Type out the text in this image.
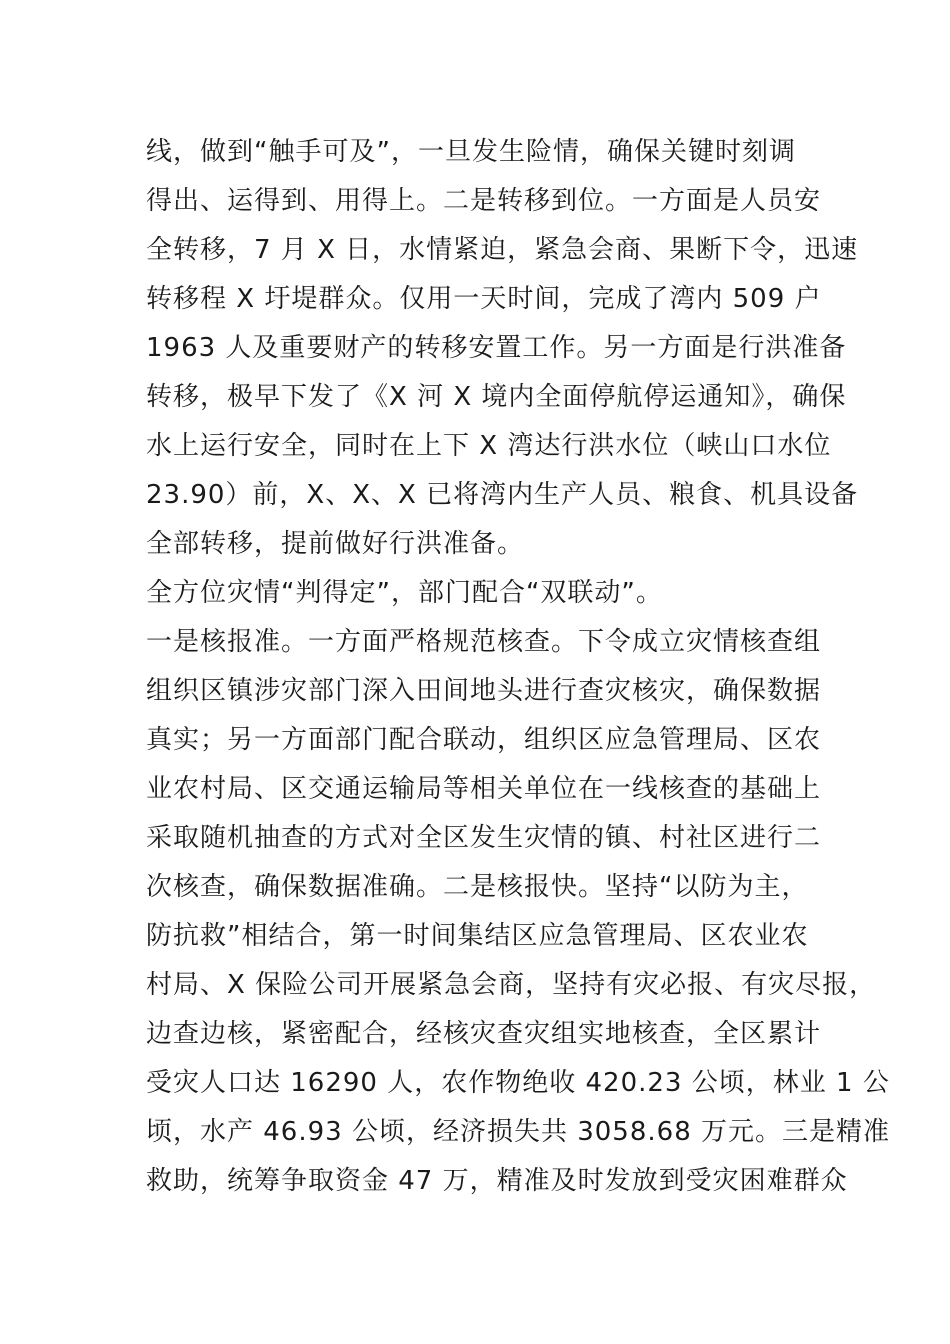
线，做到“触手可及”，一旦发生险情，确保关键时刻调
得出、运得到、用得上。二是转移到位。一方面是人员安
全转移，7 月 X 日，水情紧迫，紧急会商、果断下令，迅速
转移程 X 圩堤群众。仅用一天时间，完成了湾内 509 户
1963 人及重要财产的转移安置工作。另一方面是行洪准备
转移，极早下发了《X 河 X 境内全面停航停运通知》，确保
水上运行安全，同时在上下 X 湾达行洪水位（峡山口水位
23.90）前，X、X、X 已将湾内生产人员、粮食、机具设备
全部转移，提前做好行洪准备。
全方位灾情“判得定”，部门配合“双联动”。
一是核报准。一方面严格规范核查。下令成立灾情核查组
组织区镇涉灾部门深入田间地头进行查灾核灾，确保数据
真实；另一方面部门配合联动，组织区应急管理局、区农
业农村局、区交通运输局等相关单位在一线核查的基础上
采取随机抽查的方式对全区发生灾情的镇、村社区进行二
次核查，确保数据准确。二是核报快。坚持“以防为主，
防抗救”相结合，第一时间集结区应急管理局、区农业农
村局、X 保险公司开展紧急会商，坚持有灾必报、有灾尽报，
边查边核，紧密配合，经核灾查灾组实地核查，全区累计
受灾人口达 16290 人，农作物绝收 420.23 公顷，林业 1 公
顷，水产 46.93 公顷，经济损失共 3058.68 万元。三是精准
救助，统筹争取资金 47 万，精准及时发放到受灾困难群众
